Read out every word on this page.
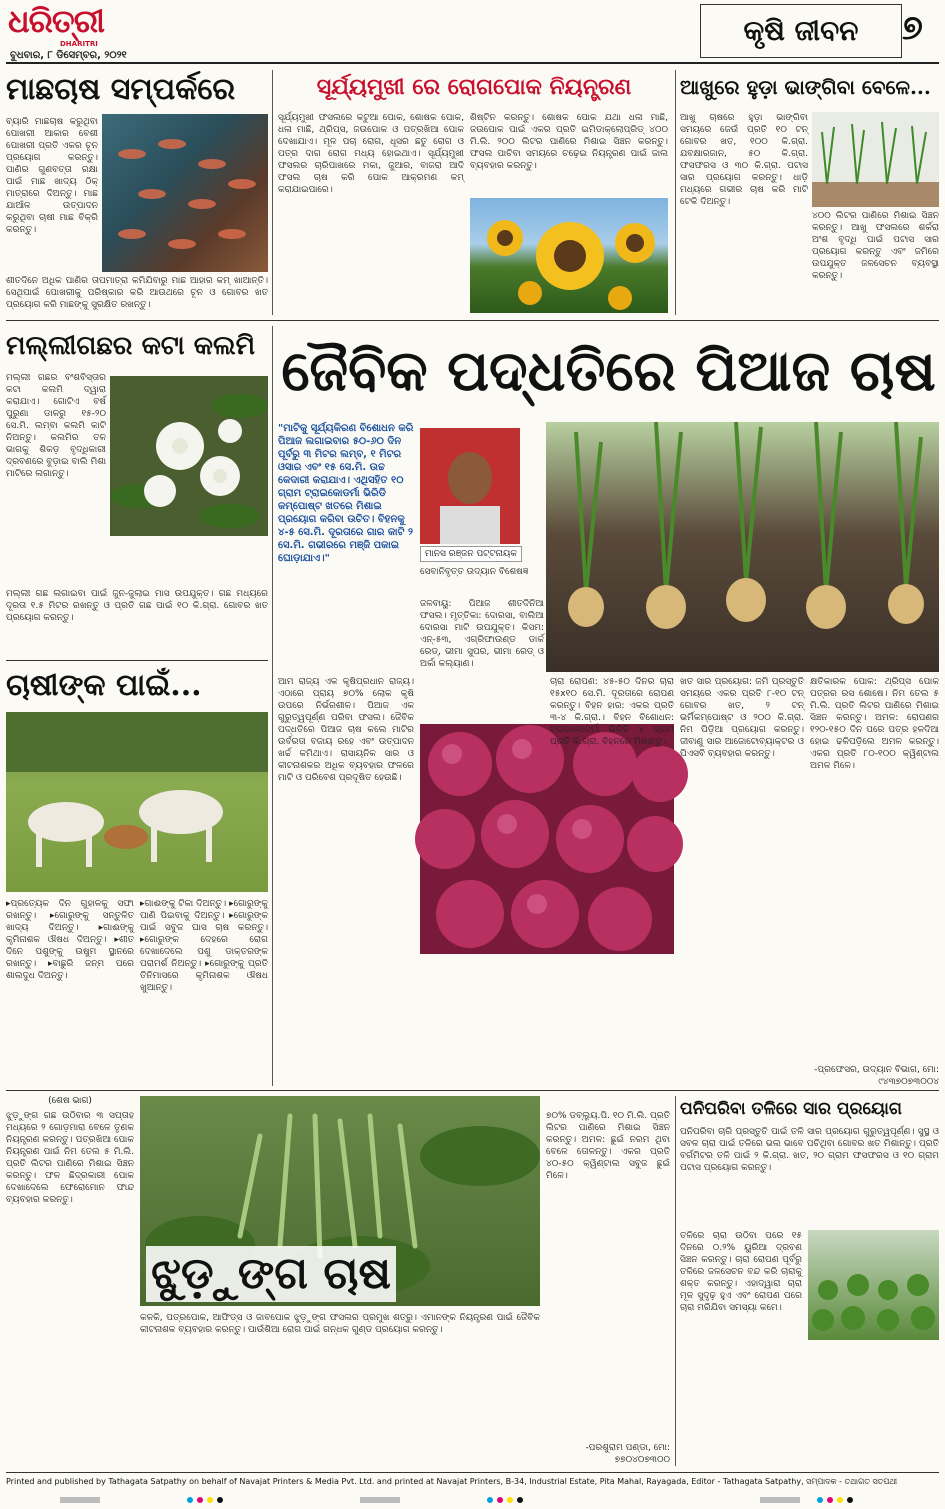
ଧରିତ୍ରୀ
DHARITRI
ବୁଧବାର, ୮ ଡିସେମ୍ବର, ୨୦୨୧
କୃଷି ଜୀବନ ୭
ମାଛଚାଷ ସମ୍ପର୍କରେ
ବ୍ୟାରି ମାଛଚାଷ କରୁଥିବା ପୋଖରୀ ଆକାର ବେଶୀ ପୋଖରୀ ପ୍ରତି ଏକର ଚୂନ ପ୍ରୟୋଗ କରନ୍ତୁ। ପାଣିର ଗୁଣବତ୍ତା ରକ୍ଷା ପାଇଁ ମାଛ ଖାଦ୍ୟ ଠିକ୍ ମାତ୍ରାରେ ଦିଅନ୍ତୁ। ମାଛ ଯାଆଁଳ ଉତ୍ପାଦନ କରୁଥିବା ଚାଷୀ ମାଛ ବିକ୍ରି କରନ୍ତୁ।
ଶୀତଦିନେ ଅଧିକ ପାଣିର ତାପମାତ୍ରା କମିଯିବାରୁ ମାଛ ଆହାର କମ୍ ଖାଆନ୍ତି। ସେଥିପାଇଁ ପୋଖରୀକୁ ପରିଷ୍କାର କରି ଆଉଥରେ ଚୂନ ଓ ଗୋବର ଖତ ପ୍ରୟୋଗ କରି ମାଛଙ୍କୁ ସୁରକ୍ଷିତ ରଖନ୍ତୁ।
ସୂର୍ଯ୍ୟମୁଖୀ ରେ ରୋଗପୋକ ନିୟନ୍ତ୍ରଣ
ସୂର୍ଯ୍ୟମୁଖୀ ଫସଲରେ କଟୁଆ ପୋକ, ଶୋଷକ ପୋକ, ଧଳା ମାଛି, ଥ୍ରିପ୍ସ, ଜଉପୋକ ଓ ପତ୍ରଖିଆ ପୋକ ଦେଖାଯାଏ। ମୂଳ ପଚା ରୋଗ, ଧୂସର ଛତୁ ରୋଗ ଓ ପତ୍ର ଦାଗ ରୋଗ ମଧ୍ୟ ହୋଇଥାଏ। ସୂର୍ଯ୍ୟମୁଖୀ ଫସଲର ଚାରିପାଖରେ ମକା, ଜୁଆର, ବାଜରା ଆଦି ଫସଲ ଚାଷ କରି ପୋକ ଆକ୍ରମଣ କମ୍ କରାଯାଇପାରେ।
ଶିଷ୍ଟିନ କରନ୍ତୁ। ଶୋଷକ ପୋକ ଯଥା ଧଳା ମାଛି, ଜଉପୋକ ପାଇଁ ଏକର ପ୍ରତି ଇମିଡାକ୍ଲୋପ୍ରିଡ୍ ୪୦୦ ମି.ଲି. ୨୦୦ ଲିଟର ପାଣିରେ ମିଶାଇ ସିଞ୍ଚନ କରନ୍ତୁ। ଫସଲ ପାଚିବା ସମୟରେ ଚଢ଼େଇ ନିୟନ୍ତ୍ରଣ ପାଇଁ ଜାଲ ବ୍ୟବହାର କରନ୍ତୁ।
ଆଖୁରେ ହୁଡ଼ା ଭାଙ୍ଗିବା ବେଳେ...
ଆଖୁ ଚାଷରେ ହୁଡ଼ା ଭାଙ୍ଗିବା ସମୟରେ ଜେଉଁ ପ୍ରତି ୧୦ ଟନ୍ ଗୋବର ଖତ, ୧୦୦ କି.ଗ୍ରା. ଯବକ୍ଷାରଜାନ, ୫୦ କି.ଗ୍ରା. ଫସଫରସ ଓ ୩୦ କି.ଗ୍ରା. ପଟାସ ସାର ପ୍ରୟୋଗ କରନ୍ତୁ। ଧାଡ଼ି ମଧ୍ୟରେ ଗଭୀର ଚାଷ କରି ମାଟି ଟେକି ଦିଅନ୍ତୁ।
୪୦୦ ଲିଟର ପାଣିରେ ମିଶାଇ ସିଞ୍ଚନ କରନ୍ତୁ। ଆଖୁ ଫସଲରେ ଶର୍କରା ଅଂଶ ବୃଦ୍ଧି ପାଇଁ ପଟାସ ସାର ପ୍ରୟୋଗ କରନ୍ତୁ ଏବଂ ଜମିରେ ଉପଯୁକ୍ତ ଜଳସେଚନ ବ୍ୟବସ୍ଥା କରନ୍ତୁ।
ମଲ୍ଲୀଗଛର କଟା କଲମି
ମଲ୍ଲୀ ଗଛର ବଂଶବିସ୍ତାର କଟା କଲମି ଦ୍ୱାରା କରାଯାଏ। ଗୋଟିଏ ବର୍ଷ ପୁରୁଣା ଡାଳରୁ ୧୫-୨୦ ସେ.ମି. ଲମ୍ବା କଲମି କାଟି ନିଅନ୍ତୁ। କଲମିର ତଳ ଭାଗକୁ ଶିକଡ଼ ବୃଦ୍ଧିକାରୀ ଦ୍ରବଣରେ ବୁଡ଼ାଇ ବାଲି ମିଶା ମାଟିରେ ଲଗାନ୍ତୁ।
ମଲ୍ଲୀ ଗଛ ଲଗାଇବା ପାଇଁ ଜୁନ-ଜୁଲାଇ ମାସ ଉପଯୁକ୍ତ। ଗଛ ମଧ୍ୟରେ ଦୂରତା ୧.୫ ମିଟର ରଖନ୍ତୁ ଓ ପ୍ରତି ଗଛ ପାଇଁ ୧୦ କି.ଗ୍ରା. ଗୋବର ଖତ ପ୍ରୟୋଗ କରନ୍ତୁ।
ଚାଷୀଙ୍କ ପାଇଁ...
▸ପ୍ରତ୍ୟେକ ଦିନ ଗୁହାଳକୁ ସଫା ରଖନ୍ତୁ। ▸ଗୋରୁଙ୍କୁ ସନ୍ତୁଳିତ ଖାଦ୍ୟ ଦିଅନ୍ତୁ। ▸ଗାଈଙ୍କୁ କୃମିନାଶକ ଔଷଧ ଦିଅନ୍ତୁ। ▸ଶୀତ ଦିନେ ପଶୁଙ୍କୁ ଉଷୁମ ସ୍ଥାନରେ ରଖନ୍ତୁ। ▸ବାଛୁରି ଜନ୍ମ ପରେ ଶାଲଦୁଧ ଦିଅନ୍ତୁ।
▸ଗାଈଙ୍କୁ ଟିକା ଦିଅନ୍ତୁ। ▸ଗୋରୁଙ୍କୁ ପାଣି ପିଇବାକୁ ଦିଅନ୍ତୁ। ▸ଗୋରୁଙ୍କ ପାଇଁ ସବୁଜ ଘାସ ଚାଷ କରନ୍ତୁ। ▸ଗୋରୁଙ୍କ ଦେହରେ ରୋଗ ଦେଖାଦେଲେ ପଶୁ ଡାକ୍ତରଙ୍କ ପରାମର୍ଶ ନିଅନ୍ତୁ। ▸ଗୋରୁଙ୍କୁ ପ୍ରତି ତିନିମାସରେ କୃମିନାଶକ ଔଷଧ ଖୁଆନ୍ତୁ।
ଜୈବିକ ପଦ୍ଧତିରେ ପିଆଜ ଚାଷ
"ମାଟିକୁ ସୂର୍ଯ୍ୟକିରଣ ବିଶୋଧନ କରି ପିଆଜ ଲଗାଇବାର ୫୦-୬୦ ଦିନ ପୂର୍ବରୁ ୩ ମିଟର ଲମ୍ବ, ୧ ମିଟର ଓସାର ଏବଂ ୧୫ ସେ.ମି. ଉଚ୍ଚ କେଦାରୀ କରାଯାଏ। ଏଥିସହିତ ୧୦ ଗ୍ରାମ ଟ୍ରାଇକୋଡର୍ମା ଭିରିଡି କମ୍ପୋଷ୍ଟ ଖତରେ ମିଶାଇ ପ୍ରୟୋଗ କରିବା ଉଚିତ। ବିହନକୁ ୪-୫ ସେ.ମି. ଦୂରତାରେ ଗାର କାଟି ୨ ସେ.ମି. ଗଭୀରରେ ମଞ୍ଜି ପକାଇ ଘୋଡ଼ାଯାଏ।"	ମାନସ ରଞ୍ଜନ ପଟ୍ଟନାୟକ
ସେବାନିବୃତ୍ତ ଉଦ୍ୟାନ ବିଶେଷଜ୍ଞ
ଆମ ରାଜ୍ୟ ଏକ କୃଷିପ୍ରଧାନ ରାଜ୍ୟ। ଏଠାରେ ପ୍ରାୟ ୭୦% ଲୋକ କୃଷି ଉପରେ ନିର୍ଭରଶୀଳ। ପିଆଜ ଏକ ଗୁରୁତ୍ୱପୂର୍ଣ୍ଣ ପରିବା ଫସଲ। ଜୈବିକ ପଦ୍ଧତିରେ ପିଆଜ ଚାଷ କଲେ ମାଟିର ଉର୍ବରତା ବଜାୟ ରହେ ଏବଂ ଉତ୍ପାଦନ ଖର୍ଚ୍ଚ କମିଥାଏ। ରାସାୟନିକ ସାର ଓ କୀଟନାଶକର ଅଧିକ ବ୍ୟବହାର ଫଳରେ ମାଟି ଓ ପରିବେଶ ପ୍ରଦୂଷିତ ହେଉଛି।
ଜଳବାୟୁ: ପିଆଜ ଶୀତଦିନିଆ ଫସଲ। ମୃତ୍ତିକା: ଦୋରସା, ବାଲିଆ ଦୋରସା ମାଟି ଉପଯୁକ୍ତ। କିସମ: ଏନ୍-୫୩, ଏଗ୍ରିଫାଉଣ୍ଡ ଡାର୍କ ରେଡ୍, ଭୀମା ସୁପର, ଭୀମା ରେଡ୍ ଓ ଅର୍କା କଲ୍ୟାଣ।
ଚାରା ରୋପଣ: ୪୫-୫୦ ଦିନର ଚାରା ୧୫x୧୦ ସେ.ମି. ଦୂରତାରେ ରୋପଣ କରନ୍ତୁ। ବିହନ ହାର: ଏକର ପ୍ରତି ୩-୪ କି.ଗ୍ରା.। ବିହନ ବିଶୋଧନ: ଟ୍ରାଇକୋଡର୍ମା ଭିରିଡି ୪ ଗ୍ରାମ ପ୍ରତି କି.ଗ୍ରା. ବିହନରେ ମିଶାନ୍ତୁ।
ଖତ ସାର ପ୍ରୟୋଗ: ଜମି ପ୍ରସ୍ତୁତି ସମୟରେ ଏକର ପ୍ରତି ୮-୧୦ ଟନ୍ ଗୋବର ଖତ, ୨ ଟନ୍ ଭର୍ମିକମ୍ପୋଷ୍ଟ ଓ ୨୦୦ କି.ଗ୍ରା. ନିମ ପିଡ଼ିଆ ପ୍ରୟୋଗ କରନ୍ତୁ। ଜୀବାଣୁ ସାର ଆଜୋଟୋବ୍ୟାକ୍ଟର ଓ ପିଏସବି ବ୍ୟବହାର କରନ୍ତୁ।
କ୍ଷତିକାରକ ପୋକ: ଥ୍ରିପ୍ସ ପୋକ ପତ୍ରର ରସ ଶୋଷେ। ନିମ ତେଲ ୫ ମି.ଲି. ପ୍ରତି ଲିଟର ପାଣିରେ ମିଶାଇ ସିଞ୍ଚନ କରନ୍ତୁ। ଅମଳ: ରୋପଣର ୧୨୦-୧୫୦ ଦିନ ପରେ ପତ୍ର ହଳଦିଆ ହୋଇ ଢଳିପଡ଼ିଲେ ଅମଳ କରନ୍ତୁ। ଏକର ପ୍ରତି ୮୦-୧୦୦ କ୍ୱିଣ୍ଟାଲ ଅମଳ ମିଳେ।
-ପ୍ରଫେସର, ଉଦ୍ୟାନ ବିଭାଗ, ମୋ: ୯୪୩୭୦୭୩୦୦୪
(ଶେଷ ଭାଗ)
ଝୁଡ଼ୁଙ୍ଗ ଗଛ ଉଠିବାର ୩ ସପ୍ତାହ ମଧ୍ୟରେ ୨ ଗୋଡ଼ମାରା ବେଳେ ତୃଣକ ନିୟନ୍ତ୍ରଣ କରନ୍ତୁ। ପତ୍ରଖିଆ ପୋକ ନିୟନ୍ତ୍ରଣ ପାଇଁ ନିମ ତେଲ ୫ ମି.ଲି. ପ୍ରତି ଲିଟର ପାଣିରେ ମିଶାଇ ସିଞ୍ଚନ କରନ୍ତୁ। ଫଳ ଛିଦ୍ରକାରୀ ପୋକ ଦେଖାଦେଲେ ଫେରୋମୋନ ଫାନ୍ଦ ବ୍ୟବହାର କରନ୍ତୁ।
ଝୁଡ଼ୁଙ୍ଗ ଚାଷ
କଳକି, ପତ୍ରପୋକ, ଆଫିଡ୍ସ ଓ ଜାବପୋକ ଝୁଡ଼ୁଙ୍ଗ ଫସଲର ପ୍ରମୁଖ ଶତ୍ରୁ। ଏମାନଙ୍କ ନିୟନ୍ତ୍ରଣ ପାଇଁ ଜୈବିକ କୀଟନାଶକ ବ୍ୟବହାର କରନ୍ତୁ। ପାଉଁଶିଆ ରୋଗ ପାଇଁ ଗନ୍ଧକ ଗୁଣ୍ଡ ପ୍ରୟୋଗ କରନ୍ତୁ।
୭୦% ଡବ୍ଲ୍ୟୁ.ପି. ୧୦ ମି.ଲି. ପ୍ରତି ଲିଟର ପାଣିରେ ମିଶାଇ ସିଞ୍ଚନ କରନ୍ତୁ। ଅମଳ: ଛୁଇଁ ନରମ ଥିବା ବେଳେ ତୋଳନ୍ତୁ। ଏକର ପ୍ରତି ୪୦-୫୦ କ୍ୱିଣ୍ଟାଲ ସବୁଜ ଛୁଇଁ ମିଳେ।
-ପରଶୁରାମ ପଣ୍ଡା, ମୋ: ୭୭୦୪୦୭୩୦୦
ପନିପରିବା ତଳିରେ ସାର ପ୍ରୟୋଗ
ପନିପରିବା ଚାରି ପ୍ରସ୍ତୁତି ପାଇଁ ତଳି ସାର ପ୍ରୟୋଗ ଗୁରୁତ୍ୱପୂର୍ଣ୍ଣ। ସୁସ୍ଥ ଓ ସବଳ ଚାରା ପାଇଁ ତଳିରେ ଭଲ ଭାବେ ପଚିଥିବା ଗୋବର ଖତ ମିଶାନ୍ତୁ। ପ୍ରତି ବର୍ଗମିଟର ତଳି ପାଇଁ ୨ କି.ଗ୍ରା. ଖତ, ୨୦ ଗ୍ରାମ ଫସଫରସ ଓ ୧୦ ଗ୍ରାମ ପଟାସ ପ୍ରୟୋଗ କରନ୍ତୁ।
ତଳିରେ ଚାରା ଉଠିବା ପରେ ୧୫ ଦିନରେ ୦.୨% ୟୁରିଆ ଦ୍ରବଣ ସିଞ୍ଚନ କରନ୍ତୁ। ଚାରା ରୋପଣ ପୂର୍ବରୁ ତଳିରେ ଜଳସେଚନ ବନ୍ଦ କରି ଚାରାକୁ ଶକ୍ତ କରନ୍ତୁ। ଏହାଦ୍ୱାରା ଚାରା ମୂଳ ସୁଦୃଢ଼ ହୁଏ ଏବଂ ରୋପଣ ପରେ ଚାରା ମରିଯିବା ସମସ୍ୟା କମେ।
Printed and published by Tathagata Satpathy on behalf of Navajat Printers & Media Pvt. Ltd. and printed at Navajat Printers, B-34, Industrial Estate, Pita Mahal, Rayagada, Editor - Tathagata Satpathy, ସମ୍ପାଦକ - ତଥାଗତ ସତପଥୀ
